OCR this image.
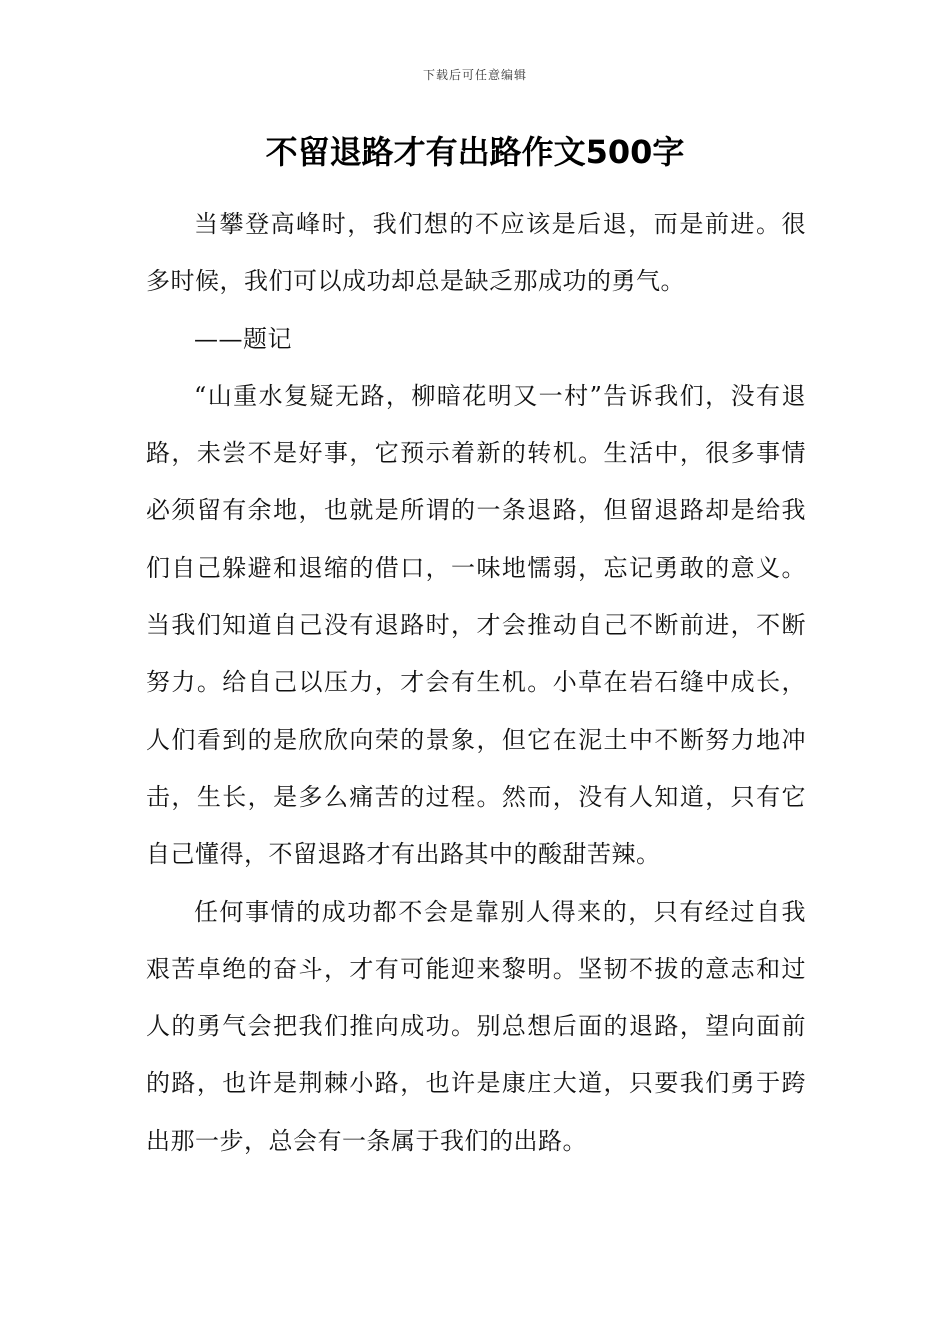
下载后可任意编辑
不留退路才有出路作文500字

当攀登高峰时，我们想的不应该是后退，而是前进。很多时候，我们可以成功却总是缺乏那成功的勇气。

——题记

“山重水复疑无路，柳暗花明又一村”告诉我们，没有退路，未尝不是好事，它预示着新的转机。生活中，很多事情必须留有余地，也就是所谓的一条退路，但留退路却是给我们自己躲避和退缩的借口，一味地懦弱，忘记勇敢的意义。当我们知道自己没有退路时，才会推动自己不断前进，不断努力。给自己以压力，才会有生机。小草在岩石缝中成长，人们看到的是欣欣向荣的景象，但它在泥土中不断努力地冲击，生长，是多么痛苦的过程。然而，没有人知道，只有它自己懂得，不留退路才有出路其中的酸甜苦辣。

任何事情的成功都不会是靠别人得来的，只有经过自我艰苦卓绝的奋斗，才有可能迎来黎明。坚韧不拔的意志和过人的勇气会把我们推向成功。别总想后面的退路，望向面前的路，也许是荆棘小路，也许是康庄大道，只要我们勇于跨出那一步，总会有一条属于我们的出路。
